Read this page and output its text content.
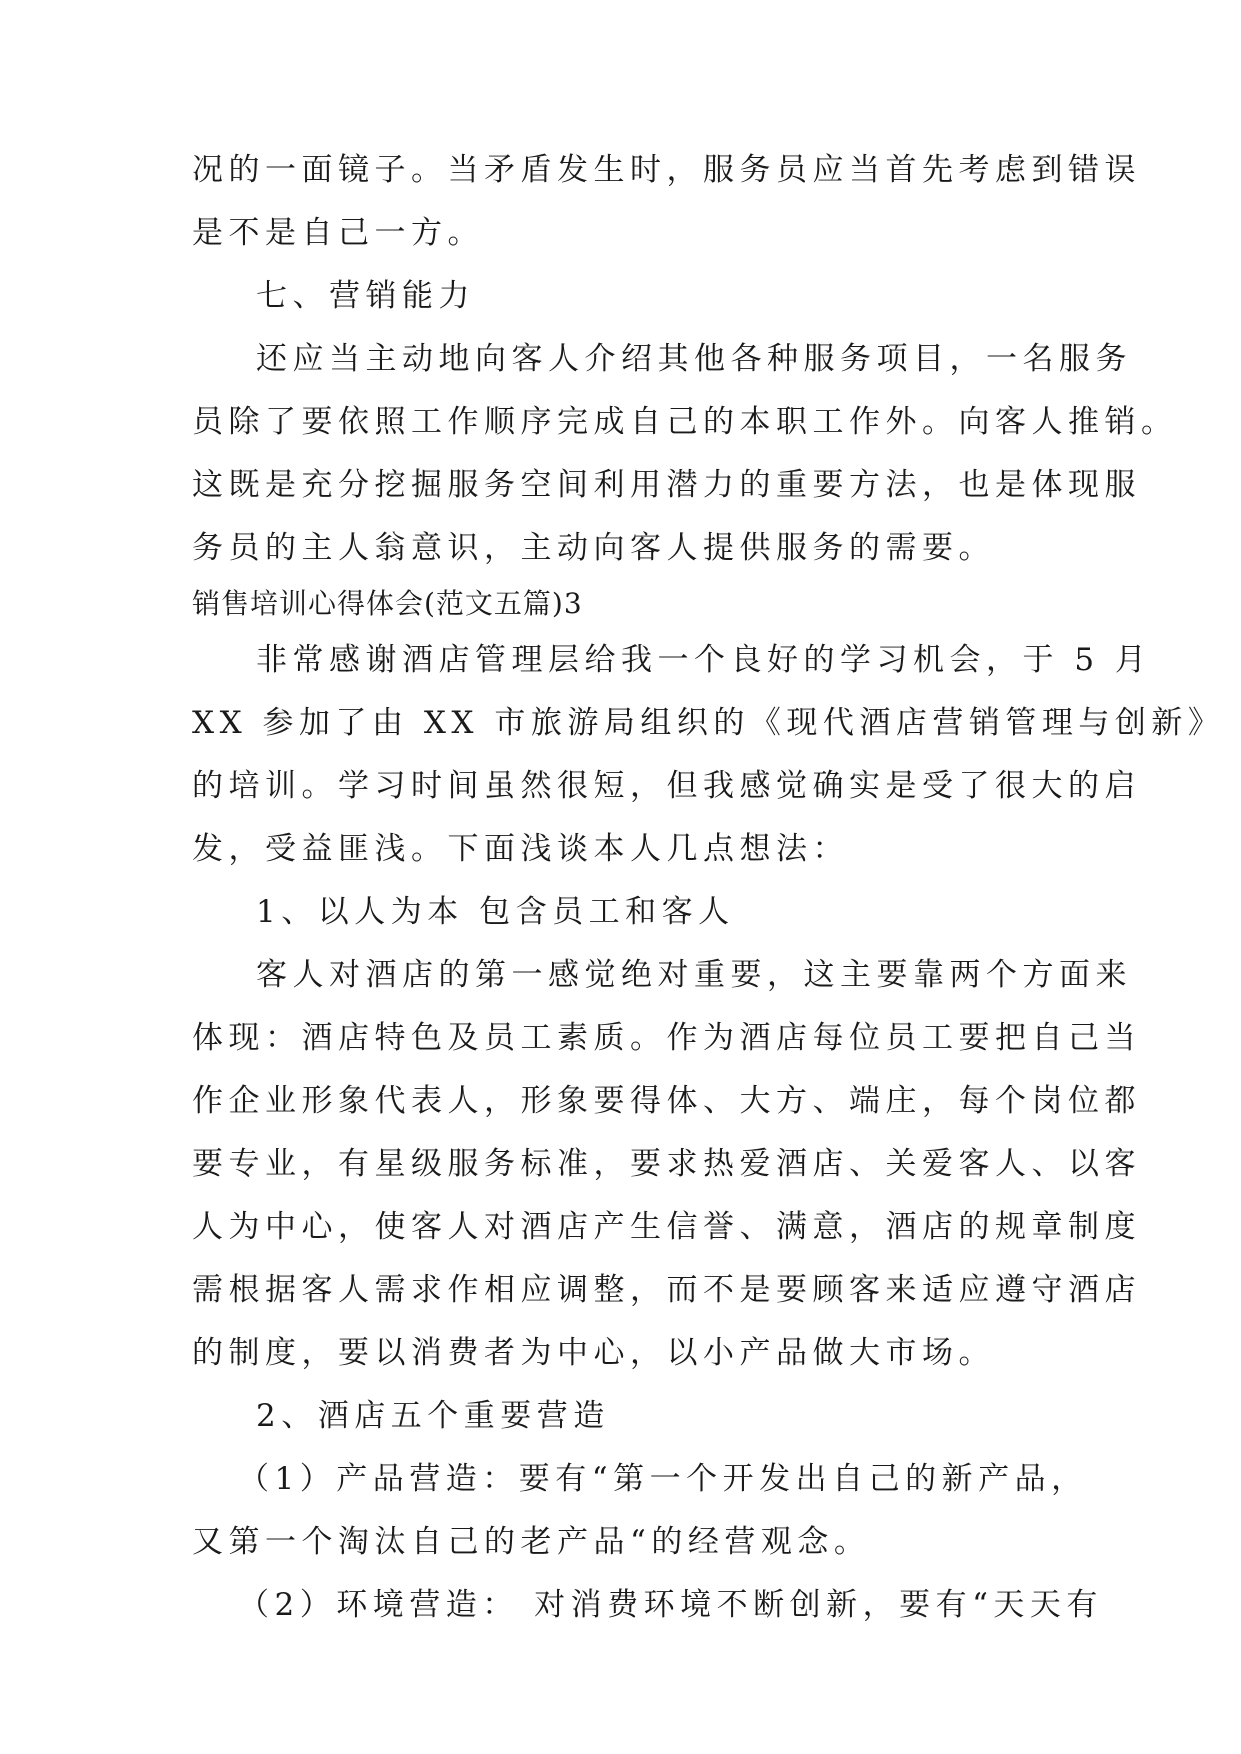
况的一面镜子。当矛盾发生时，服务员应当首先考虑到错误
是不是自己一方。
七、营销能力
还应当主动地向客人介绍其他各种服务项目，一名服务
员除了要依照工作顺序完成自己的本职工作外。向客人推销。
这既是充分挖掘服务空间利用潜力的重要方法，也是体现服
务员的主人翁意识，主动向客人提供服务的需要。
销售培训心得体会(范文五篇)3
非常感谢酒店管理层给我一个良好的学习机会，于 5 月
XX 参加了由 XX 市旅游局组织的《现代酒店营销管理与创新》
的培训。学习时间虽然很短，但我感觉确实是受了很大的启
发，受益匪浅。下面浅谈本人几点想法：
1、以人为本 包含员工和客人
客人对酒店的第一感觉绝对重要，这主要靠两个方面来
体现：酒店特色及员工素质。作为酒店每位员工要把自己当
作企业形象代表人，形象要得体、大方、端庄，每个岗位都
要专业，有星级服务标准，要求热爱酒店、关爱客人、以客
人为中心，使客人对酒店产生信誉、满意，酒店的规章制度
需根据客人需求作相应调整，而不是要顾客来适应遵守酒店
的制度，要以消费者为中心，以小产品做大市场。
2、酒店五个重要营造
（1）产品营造：要有“第一个开发出自己的新产品，
又第一个淘汰自己的老产品“的经营观念。
（2）环境营造： 对消费环境不断创新，要有“天天有
